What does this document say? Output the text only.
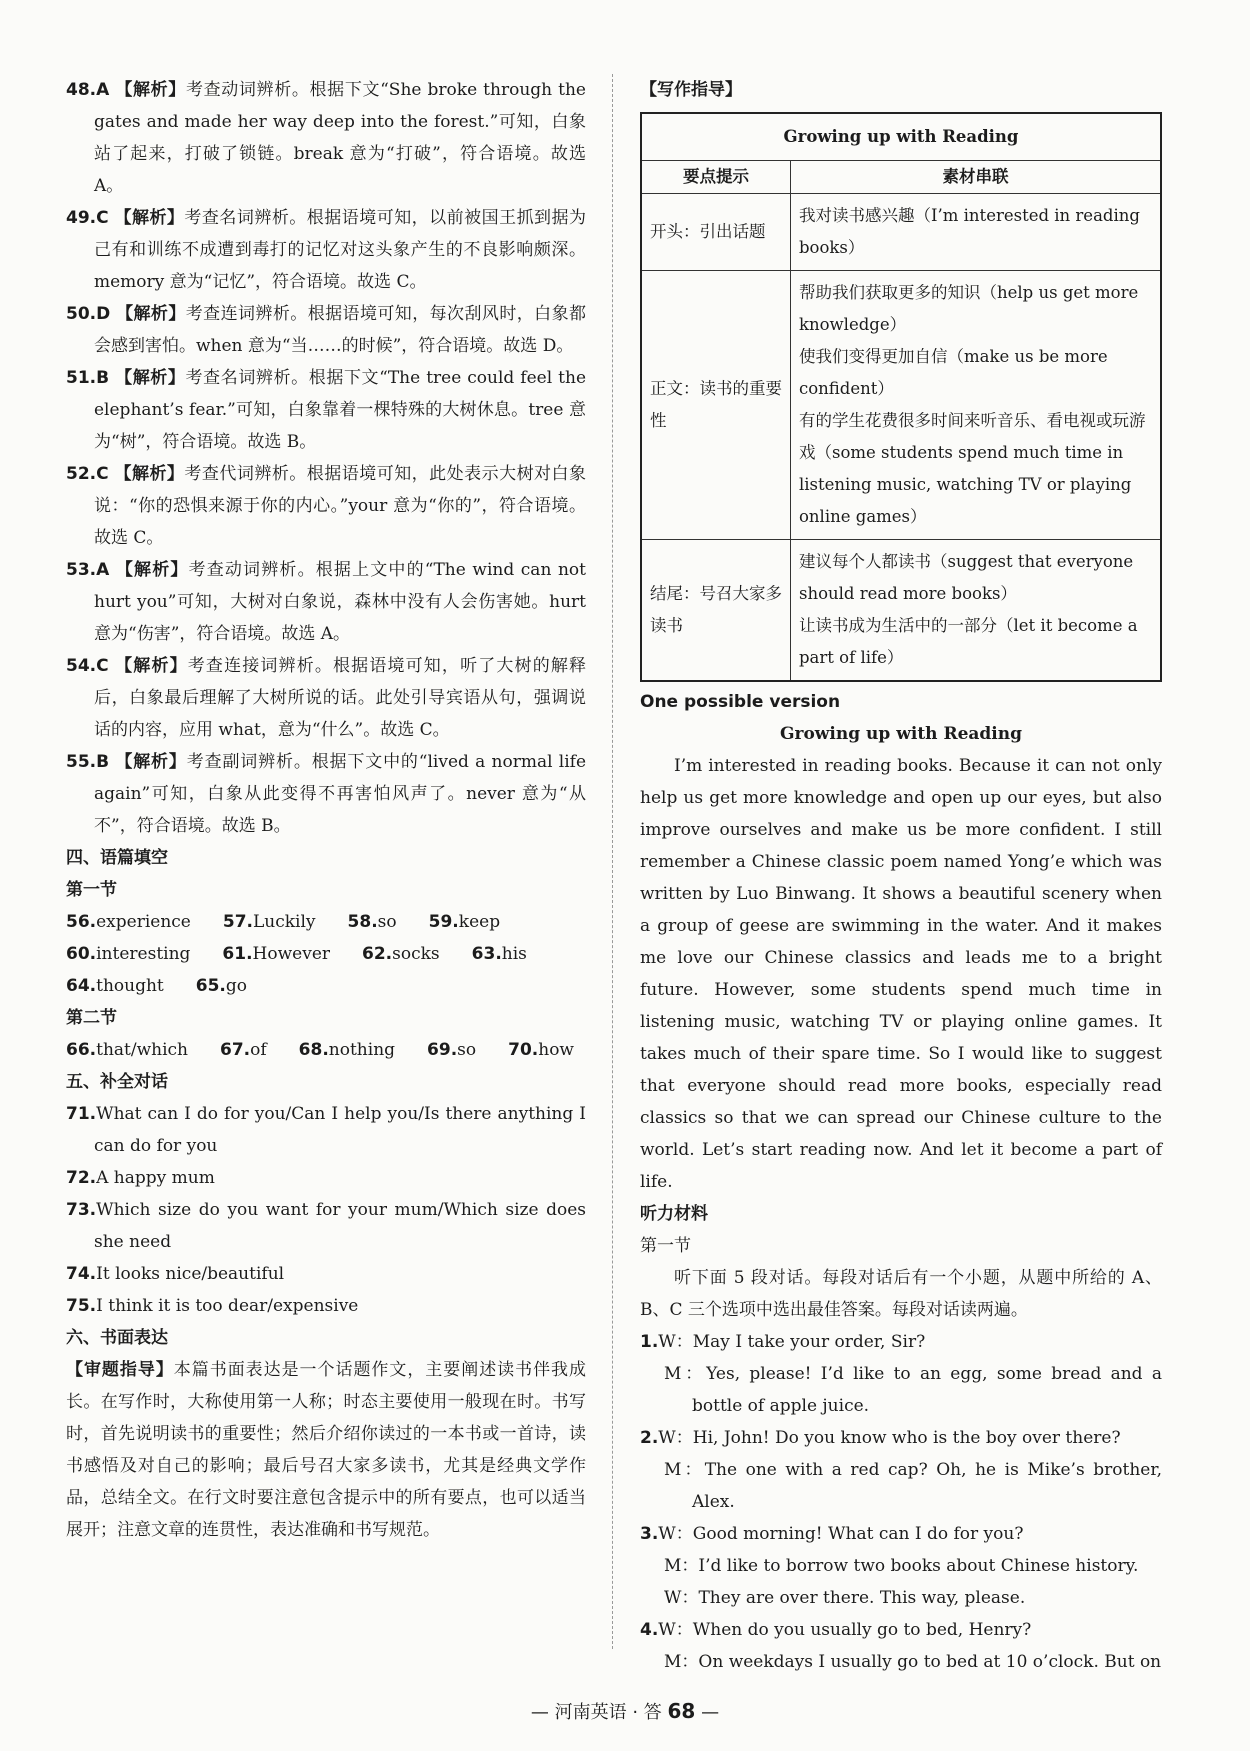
48.A 【解析】考查动词辨析。根据下文“She broke through the gates and made her way deep into the forest.”可知，白象站了起来，打破了锁链。break 意为“打破”，符合语境。故选 A。

49.C 【解析】考查名词辨析。根据语境可知，以前被国王抓到据为己有和训练不成遭到毒打的记忆对这头象产生的不良影响颇深。memory 意为“记忆”，符合语境。故选 C。

50.D 【解析】考查连词辨析。根据语境可知，每次刮风时，白象都会感到害怕。when 意为“当……的时候”，符合语境。故选 D。

51.B 【解析】考查名词辨析。根据下文“The tree could feel the elephant’s fear.”可知，白象靠着一棵特殊的大树休息。tree 意为“树”，符合语境。故选 B。

52.C 【解析】考查代词辨析。根据语境可知，此处表示大树对白象说：“你的恐惧来源于你的内心。”your 意为“你的”，符合语境。故选 C。

53.A 【解析】考查动词辨析。根据上文中的“The wind can not hurt you”可知，大树对白象说，森林中没有人会伤害她。hurt 意为“伤害”，符合语境。故选 A。

54.C 【解析】考查连接词辨析。根据语境可知，听了大树的解释后，白象最后理解了大树所说的话。此处引导宾语从句，强调说话的内容，应用 what，意为“什么”。故选 C。

55.B 【解析】考查副词辨析。根据下文中的“lived a normal life again”可知，白象从此变得不再害怕风声了。never 意为“从不”，符合语境。故选 B。

四、语篇填空

第一节

56.experience 57.Luckily 58.so 59.keep

60.interesting 61.However 62.socks 63.his

64.thought 65.go

第二节

66.that/which 67.of 68.nothing 69.so 70.how

五、补全对话

71.What can I do for you/Can I help you/Is there anything I can do for you

72.A happy mum

73.Which size do you want for your mum/Which size does she need

74.It looks nice/beautiful

75.I think it is too dear/expensive

六、书面表达

【审题指导】本篇书面表达是一个话题作文，主要阐述读书伴我成长。在写作时，大称使用第一人称；时态主要使用一般现在时。书写时，首先说明读书的重要性；然后介绍你读过的一本书或一首诗，读书感悟及对自己的影响；最后号召大家多读书，尤其是经典文学作品，总结全文。在行文时要注意包含提示中的所有要点，也可以适当展开；注意文章的连贯性，表达准确和书写规范。

【写作指导】

Growing up with Reading	
要点提示	素材串联
开头：引出话题	我对读书感兴趣（I’m interested in reading books）

正文：读书的重要性	帮助我们获取更多的知识（help us get more knowledge）
使我们变得更加自信（make us be more confident）
有的学生花费很多时间来听音乐、看电视或玩游戏（some students spend much time in listening music, watching TV or playing online games）

结尾：号召大家多读书	建议每个人都读书（suggest that everyone should read more books）
让读书成为生活中的一部分（let it become a part of life）

One possible version

Growing up with Reading

I’m interested in reading books. Because it can not only help us get more knowledge and open up our eyes, but also improve ourselves and make us be more confident. I still remember a Chinese classic poem named Yong’e which was written by Luo Binwang. It shows a beautiful scenery when a group of geese are swimming in the water. And it makes me love our Chinese classics and leads me to a bright future. However, some students spend much time in listening music, watching TV or playing online games. It takes much of their spare time. So I would like to suggest that everyone should read more books, especially read classics so that we can spread our Chinese culture to the world. Let’s start reading now. And let it become a part of life.

听力材料

第一节

听下面 5 段对话。每段对话后有一个小题，从题中所给的 A、B、C 三个选项中选出最佳答案。每段对话读两遍。

1.W：May I take your order, Sir?

M：Yes, please! I’d like to an egg, some bread and a bottle of apple juice.

2.W：Hi, John! Do you know who is the boy over there?

M：The one with a red cap? Oh, he is Mike’s brother, Alex.

3.W：Good morning! What can I do for you?

M：I’d like to borrow two books about Chinese history.

W：They are over there. This way, please.

4.W：When do you usually go to bed, Henry?

M：On weekdays I usually go to bed at 10 o’clock. But on

— 河南英语 · 答 68 —
